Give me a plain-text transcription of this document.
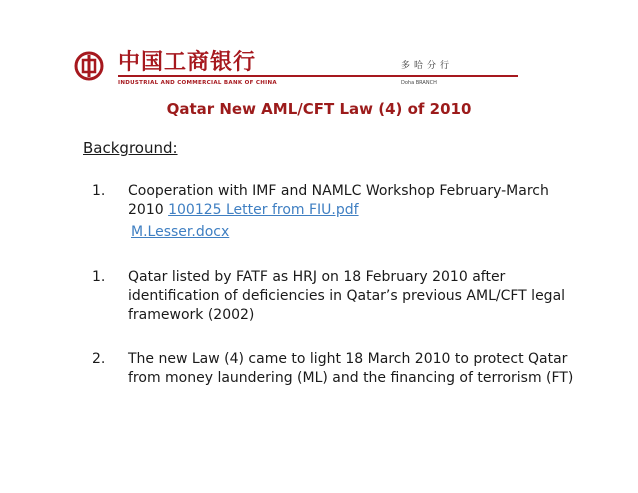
中国工商银行
INDUSTRIAL AND COMMERCIAL BANK OF CHINA
多哈分行
Doha BRANCH
Qatar New AML/CFT Law (4) of 2010
Background:
1. Cooperation with IMF and NAMLC Workshop February-March 2010 100125 Letter from FIU.pdf
M.Lesser.docx
1. Qatar listed by FATF as HRJ on 18 February 2010 after identification of deficiencies in Qatar’s previous AML/CFT legal framework (2002)
2. The new Law (4) came to light 18 March 2010 to protect Qatar from money laundering (ML) and the financing of terrorism (FT)
